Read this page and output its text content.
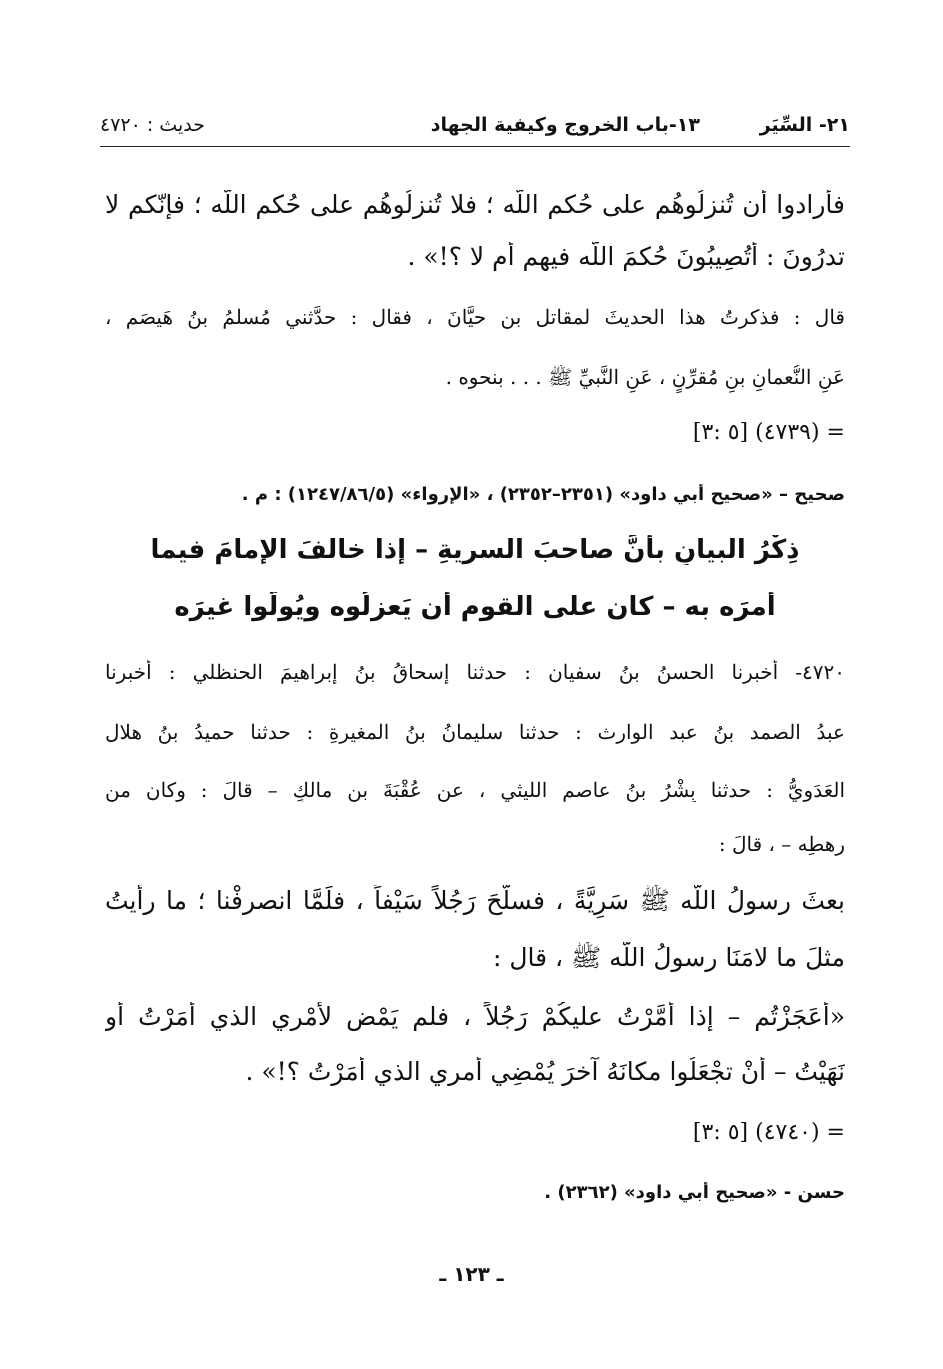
٢١- السِّيَر
١٣-باب الخروج وكيفية الجهاد
حديث : ٤٧٢٠
فأرادوا أن تُنزلُوهُم على حُكمِ اللّه ؛ فلا تُنزلُوهُم على حُكمِ اللّه ؛ فإنّكم لا
تدرُونَ : أتُصِيبُونَ حُكمَ اللّه فيهم أم لا ؟!» .
قال : فذكرتُ هذا الحديثَ لمقاتلِ بنِ حيَّانَ ، فقال : حدَّثني مُسلمُ بنُ هَيصَم ،
عَنِ النُّعمانِ بنِ مُقرِّنٍ ، عَنِ النَّبيِّ ﷺ . . . بنحوه .
= (٤٧٣٩) [٥ :٣]
صحيح – «صحيح أبي داود» (٢٣٥١–٢٣٥٢) ، «الإرواء» (١٢٤٧/٨٦/٥) : م .
ذِكْرُ البيانِ بأنَّ صاحبَ السريةِ – إذا خالفَ الإمامَ فيما
أمرَه به – كان على القومِ أن يَعزِلُوه ويُولُّوا غيرَه
٤٧٢٠- أخبرنا الحسنُ بنُ سفيان : حدثنا إسحاقُ بنُ إبراهيمَ الحنظلي : أخبرنا
عبدُ الصمد بنُ عبد الوارث : حدثنا سليمانُ بنُ المغيرةِ : حدثنا حميدُ بنُ هلال
العَدَويُّ : حدثنا بِشْرُ بنُ عاصم الليثي ، عن عُقْبَةَ بنِ مالكٍ – قالَ : وكان من
رهطِه – ، قالَ :
بعثَ رسولُ اللّه ﷺ سَرِيَّةً ، فسلَّحَ رَجُلاً سَيْفاً ، فلَمَّا انصرفْنا ؛ ما رأيتُ
مثلَ ما لامَنَا رسولُ اللّه ﷺ ، قال :
«أعَجَزْتُم – إذا أمَّرْتُ عليكُمْ رَجُلاً ، فلم يَمْضِ لأمْري الذي أمَرْتُ أو
نَهَيْتُ – أنْ تجْعَلُوا مكانَهُ آخرَ يُمْضِي أمري الذي أمَرْتُ ؟!» .
= (٤٧٤٠) [٥ :٣]
حسن - «صحيح أبي داود» (٢٣٦٢) .
ـ ١٢٣ ـ
